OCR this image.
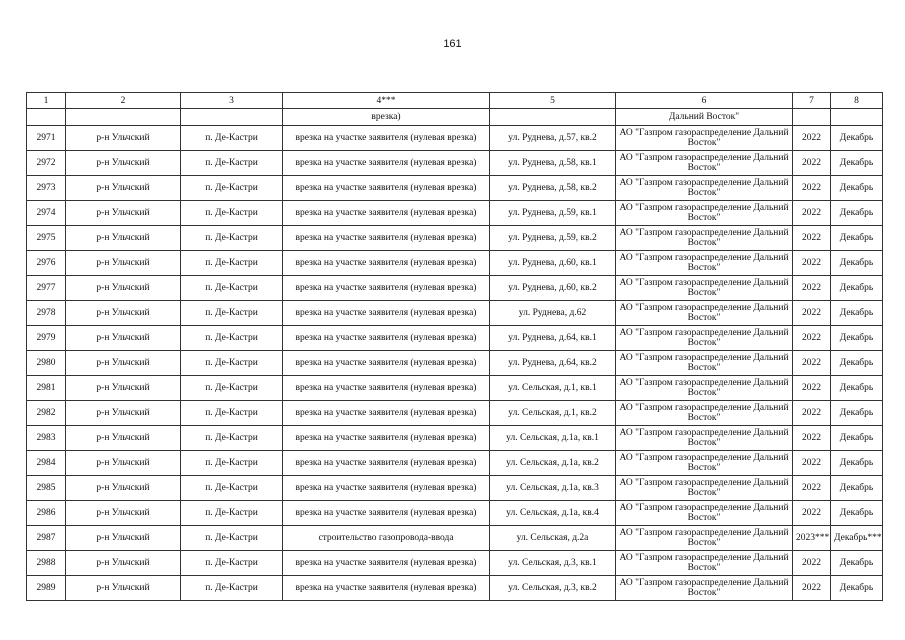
161
1	2	3	4***	5	6	7	8
			врезка)		Дальний Восток"		
2971	р-н Ульчский	п. Де-Кастри	врезка на участке заявителя (нулевая врезка)	ул. Руднева, д.57, кв.2	АО "Газпром газораспределение Дальний Восток"	2022	Декабрь
2972	р-н Ульчский	п. Де-Кастри	врезка на участке заявителя (нулевая врезка)	ул. Руднева, д.58, кв.1	АО "Газпром газораспределение Дальний Восток"	2022	Декабрь
2973	р-н Ульчский	п. Де-Кастри	врезка на участке заявителя (нулевая врезка)	ул. Руднева, д.58, кв.2	АО "Газпром газораспределение Дальний Восток"	2022	Декабрь
2974	р-н Ульчский	п. Де-Кастри	врезка на участке заявителя (нулевая врезка)	ул. Руднева, д.59, кв.1	АО "Газпром газораспределение Дальний Восток"	2022	Декабрь
2975	р-н Ульчский	п. Де-Кастри	врезка на участке заявителя (нулевая врезка)	ул. Руднева, д.59, кв.2	АО "Газпром газораспределение Дальний Восток"	2022	Декабрь
2976	р-н Ульчский	п. Де-Кастри	врезка на участке заявителя (нулевая врезка)	ул. Руднева, д.60, кв.1	АО "Газпром газораспределение Дальний Восток"	2022	Декабрь
2977	р-н Ульчский	п. Де-Кастри	врезка на участке заявителя (нулевая врезка)	ул. Руднева, д.60, кв.2	АО "Газпром газораспределение Дальний Восток"	2022	Декабрь
2978	р-н Ульчский	п. Де-Кастри	врезка на участке заявителя (нулевая врезка)	ул. Руднева, д.62	АО "Газпром газораспределение Дальний Восток"	2022	Декабрь
2979	р-н Ульчский	п. Де-Кастри	врезка на участке заявителя (нулевая врезка)	ул. Руднева, д.64, кв.1	АО "Газпром газораспределение Дальний Восток"	2022	Декабрь
2980	р-н Ульчский	п. Де-Кастри	врезка на участке заявителя (нулевая врезка)	ул. Руднева, д.64, кв.2	АО "Газпром газораспределение Дальний Восток"	2022	Декабрь
2981	р-н Ульчский	п. Де-Кастри	врезка на участке заявителя (нулевая врезка)	ул. Сельская, д.1, кв.1	АО "Газпром газораспределение Дальний Восток"	2022	Декабрь
2982	р-н Ульчский	п. Де-Кастри	врезка на участке заявителя (нулевая врезка)	ул. Сельская, д.1, кв.2	АО "Газпром газораспределение Дальний Восток"	2022	Декабрь
2983	р-н Ульчский	п. Де-Кастри	врезка на участке заявителя (нулевая врезка)	ул. Сельская, д.1а, кв.1	АО "Газпром газораспределение Дальний Восток"	2022	Декабрь
2984	р-н Ульчский	п. Де-Кастри	врезка на участке заявителя (нулевая врезка)	ул. Сельская, д.1а, кв.2	АО "Газпром газораспределение Дальний Восток"	2022	Декабрь
2985	р-н Ульчский	п. Де-Кастри	врезка на участке заявителя (нулевая врезка)	ул. Сельская, д.1а, кв.3	АО "Газпром газораспределение Дальний Восток"	2022	Декабрь
2986	р-н Ульчский	п. Де-Кастри	врезка на участке заявителя (нулевая врезка)	ул. Сельская, д.1а, кв.4	АО "Газпром газораспределение Дальний Восток"	2022	Декабрь
2987	р-н Ульчский	п. Де-Кастри	строительство газопровода-ввода	ул. Сельская, д.2а	АО "Газпром газораспределение Дальний Восток"	2023***	Декабрь***
2988	р-н Ульчский	п. Де-Кастри	врезка на участке заявителя (нулевая врезка)	ул. Сельская, д.3, кв.1	АО "Газпром газораспределение Дальний Восток"	2022	Декабрь
2989	р-н Ульчский	п. Де-Кастри	врезка на участке заявителя (нулевая врезка)	ул. Сельская, д.3, кв.2	АО "Газпром газораспределение Дальний Восток"	2022	Декабрь
